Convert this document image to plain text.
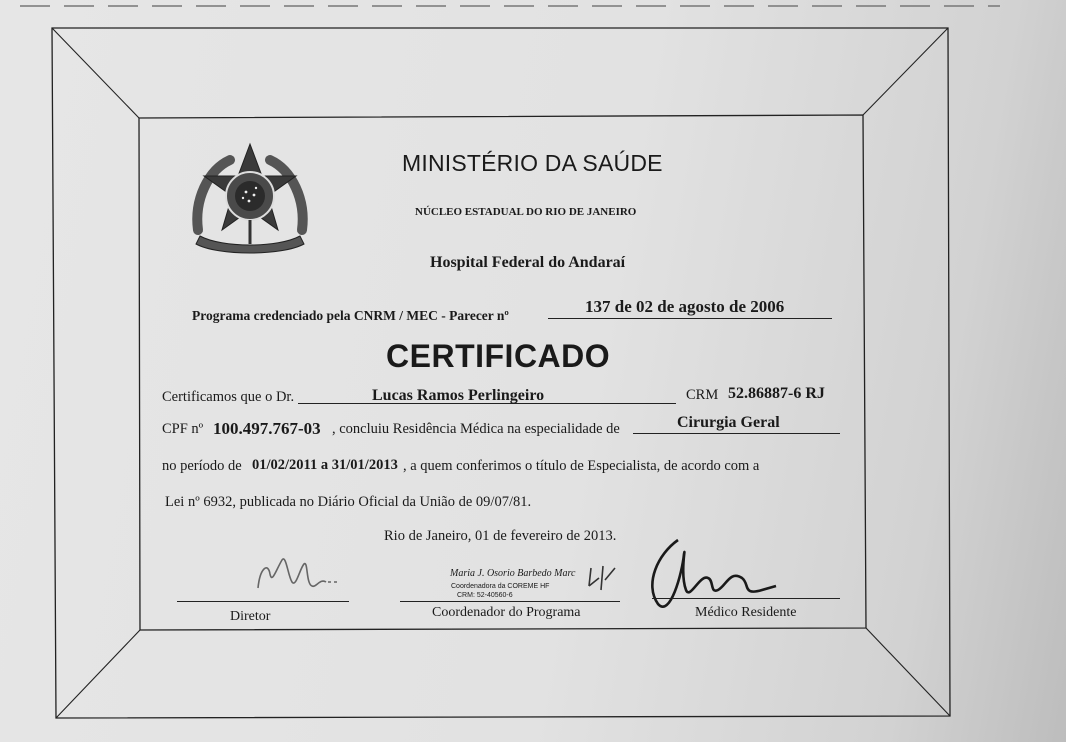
MINISTÉRIO DA SAÚDE
NÚCLEO ESTADUAL DO RIO DE JANEIRO
Hospital Federal do Andaraí
Programa credenciado pela CNRM / MEC - Parecer nº	137 de 02 de agosto de 2006
CERTIFICADO
Certificamos que o Dr.	Lucas Ramos Perlingeiro	CRM 52.86887-6 RJ
CPF nº 100.497.767-03 , concluiu Residência Médica na especialidade de	Cirurgia Geral
no período de 01/02/2011 a 31/01/2013 , a quem conferimos o título de Especialista, de acordo com a
Lei nº 6932, publicada no Diário Oficial da União de 09/07/81.
Rio de Janeiro, 01 de fevereiro de 2013.
Diretor
Maria J. Osorio Barbedo Marc
Coordenadora da COREME HF
CRM: 52-40560-6
Coordenador do Programa	Médico Residente
